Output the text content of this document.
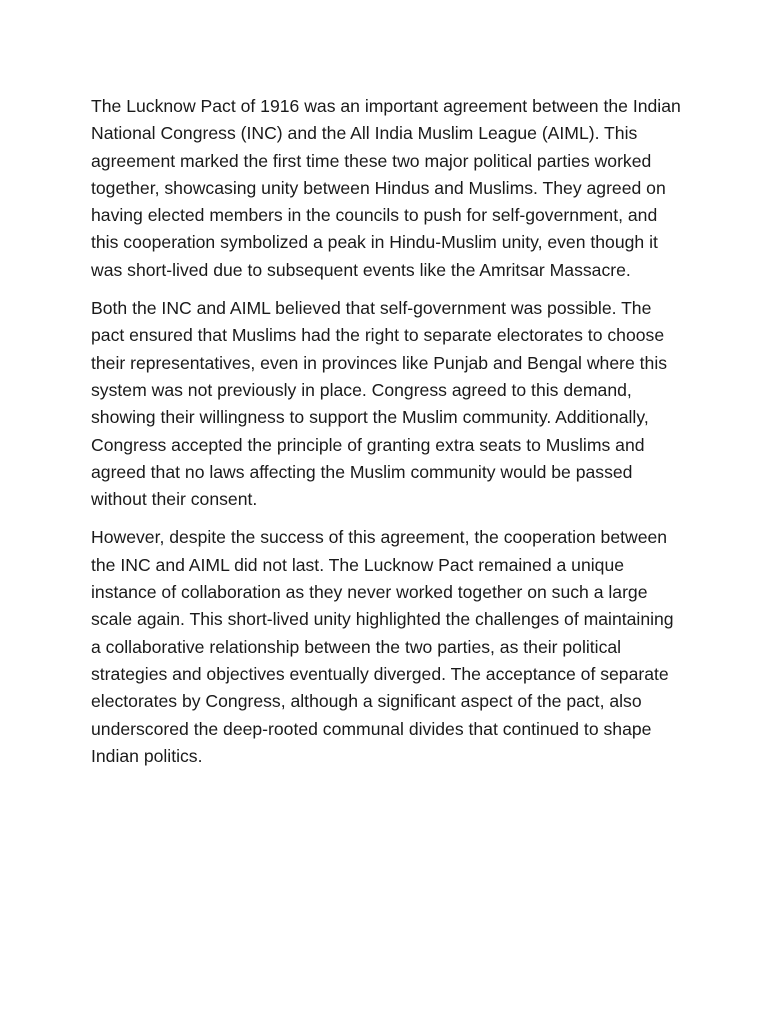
The Lucknow Pact of 1916 was an important agreement between the Indian National Congress (INC) and the All India Muslim League (AIML). This agreement marked the first time these two major political parties worked together, showcasing unity between Hindus and Muslims. They agreed on having elected members in the councils to push for self-government, and this cooperation symbolized a peak in Hindu-Muslim unity, even though it was short-lived due to subsequent events like the Amritsar Massacre.

Both the INC and AIML believed that self-government was possible. The pact ensured that Muslims had the right to separate electorates to choose their representatives, even in provinces like Punjab and Bengal where this system was not previously in place. Congress agreed to this demand, showing their willingness to support the Muslim community. Additionally, Congress accepted the principle of granting extra seats to Muslims and agreed that no laws affecting the Muslim community would be passed without their consent.

However, despite the success of this agreement, the cooperation between the INC and AIML did not last. The Lucknow Pact remained a unique instance of collaboration as they never worked together on such a large scale again. This short-lived unity highlighted the challenges of maintaining a collaborative relationship between the two parties, as their political strategies and objectives eventually diverged. The acceptance of separate electorates by Congress, although a significant aspect of the pact, also underscored the deep-rooted communal divides that continued to shape Indian politics.
